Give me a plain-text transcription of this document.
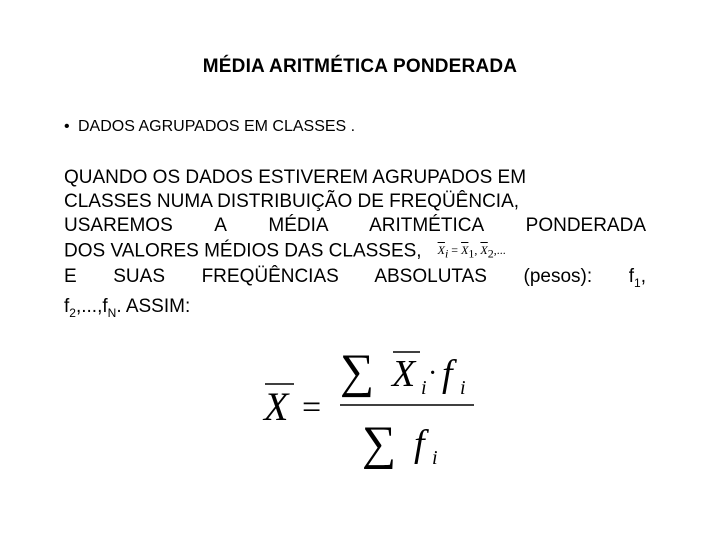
MÉDIA ARITMÉTICA PONDERADA
• DADOS AGRUPADOS EM CLASSES .
QUANDO OS DADOS ESTIVEREM AGRUPADOS EM
CLASSES NUMA DISTRIBUIÇÃO DE FREQÜÊNCIA,
USAREMOS A MÉDIA ARITMÉTICA PONDERADA
DOS VALORES MÉDIOS DAS CLASSES, $\overline{X}_i = \overline{X}_1$, $\overline{X}_2$,...
E SUAS FREQÜÊNCIAS ABSOLUTAS (pesos): $f_1$,
$f_2,...,f_N$. ASSIM:
X =
∑ X i · f i
∑ f i
